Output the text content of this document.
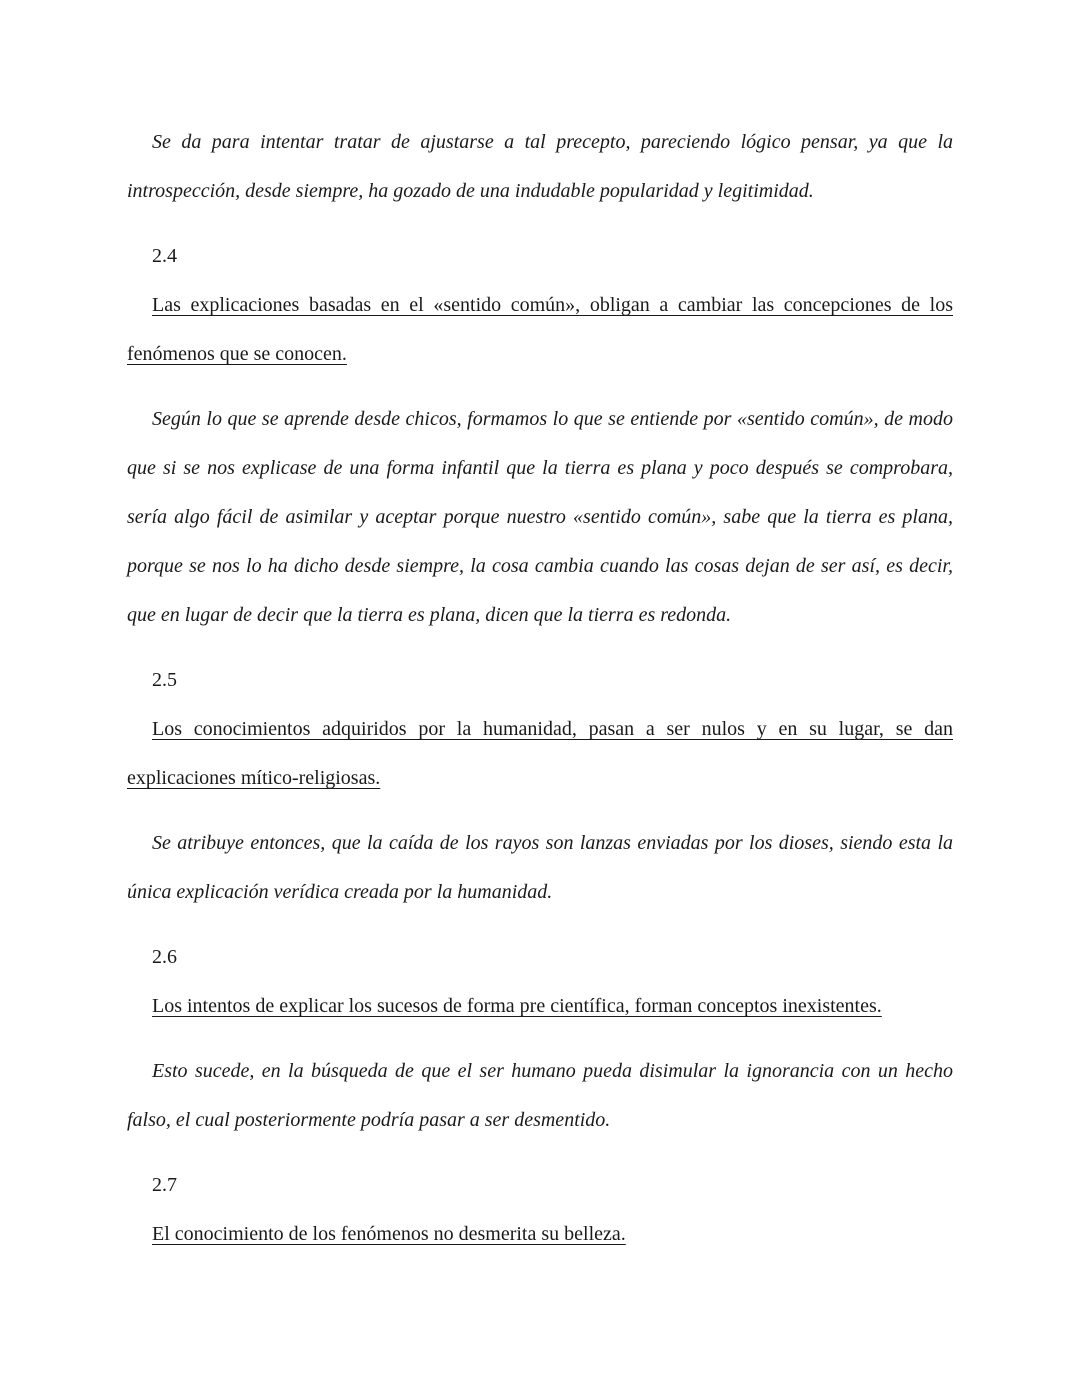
Se da para intentar tratar de ajustarse a tal precepto, pareciendo lógico pensar, ya que la introspección, desde siempre, ha gozado de una indudable popularidad y legitimidad.

2.4

Las explicaciones basadas en el «sentido común», obligan a cambiar las concepciones de los fenómenos que se conocen.

Según lo que se aprende desde chicos, formamos lo que se entiende por «sentido común», de modo que si se nos explicase de una forma infantil que la tierra es plana y poco después se comprobara, sería algo fácil de asimilar y aceptar porque nuestro «sentido común», sabe que la tierra es plana, porque se nos lo ha dicho desde siempre, la cosa cambia cuando las cosas dejan de ser así, es decir, que en lugar de decir que la tierra es plana, dicen que la tierra es redonda.

2.5

Los conocimientos adquiridos por la humanidad, pasan a ser nulos y en su lugar, se dan explicaciones mítico-religiosas.

Se atribuye entonces, que la caída de los rayos son lanzas enviadas por los dioses, siendo esta la única explicación verídica creada por la humanidad.

2.6

Los intentos de explicar los sucesos de forma pre científica, forman conceptos inexistentes.

Esto sucede, en la búsqueda de que el ser humano pueda disimular la ignorancia con un hecho falso, el cual posteriormente podría pasar a ser desmentido.

2.7

El conocimiento de los fenómenos no desmerita su belleza.
